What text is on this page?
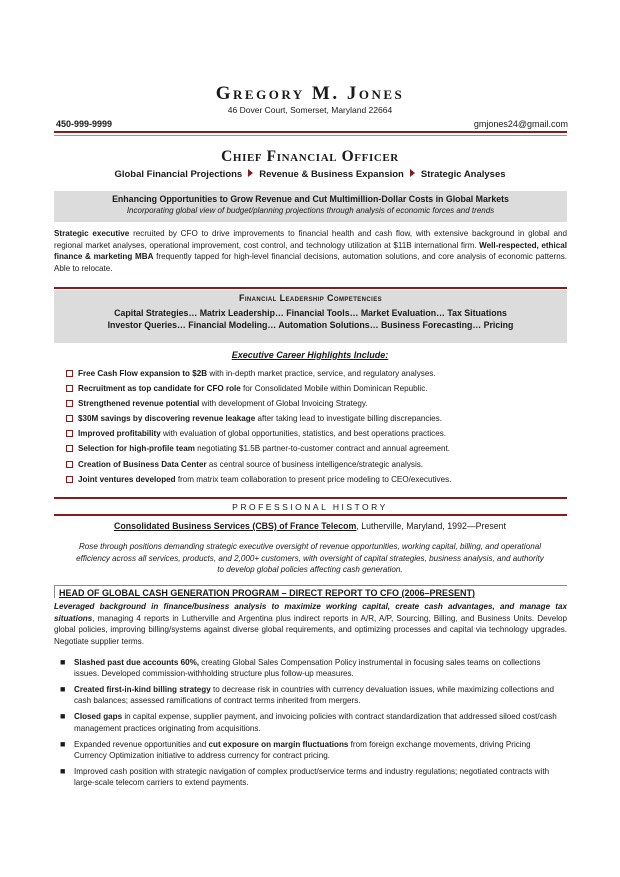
Gregory M. Jones
46 Dover Court, Somerset, Maryland 22664
450-999-9999	gmjones24@gmail.com
Chief Financial Officer
Global Financial Projections Revenue & Business Expansion Strategic Analyses
Enhancing Opportunities to Grow Revenue and Cut Multimillion-Dollar Costs in Global Markets
Incorporating global view of budget/planning projections through analysis of economic forces and trends
Strategic executive recruited by CFO to drive improvements to financial health and cash flow, with extensive background in global and regional market analyses, operational improvement, cost control, and technology utilization at $11B international firm. Well-respected, ethical finance & marketing MBA frequently tapped for high-level financial decisions, automation solutions, and core analysis of economic patterns. Able to relocate.
Financial Leadership Competencies
Capital Strategies… Matrix Leadership… Financial Tools… Market Evaluation… Tax Situations
Investor Queries… Financial Modeling… Automation Solutions… Business Forecasting… Pricing
Executive Career Highlights Include:
Free Cash Flow expansion to $2B with in-depth market practice, service, and regulatory analyses.
Recruitment as top candidate for CFO role for Consolidated Mobile within Dominican Republic.
Strengthened revenue potential with development of Global Invoicing Strategy.
$30M savings by discovering revenue leakage after taking lead to investigate billing discrepancies.
Improved profitability with evaluation of global opportunities, statistics, and best operations practices.
Selection for high-profile team negotiating $1.5B partner-to-customer contract and annual agreement.
Creation of Business Data Center as central source of business intelligence/strategic analysis.
Joint ventures developed from matrix team collaboration to present price modeling to CEO/executives.
PROFESSIONAL HISTORY
Consolidated Business Services (CBS) of France Telecom, Lutherville, Maryland, 1992—Present
Rose through positions demanding strategic executive oversight of revenue opportunities, working capital, billing, and operational efficiency across all services, products, and 2,000+ customers, with oversight of capital strategies, business analysis, and authority to develop global policies affecting cash generation.
HEAD OF GLOBAL CASH GENERATION PROGRAM – DIRECT REPORT TO CFO (2006–PRESENT)
Leveraged background in finance/business analysis to maximize working capital, create cash advantages, and manage tax situations, managing 4 reports in Lutherville and Argentina plus indirect reports in A/R, A/P, Sourcing, Billing, and Business Units. Develop global policies, improving billing/systems against diverse global requirements, and optimizing processes and capital via technology upgrades. Negotiate supplier terms.
■ Slashed past due accounts 60%, creating Global Sales Compensation Policy instrumental in focusing sales teams on collections issues. Developed commission-withholding structure plus follow-up measures.
■ Created first-in-kind billing strategy to decrease risk in countries with currency devaluation issues, while maximizing collections and cash balances; assessed ramifications of contract terms inherited from mergers.
■ Closed gaps in capital expense, supplier payment, and invoicing policies with contract standardization that addressed siloed cost/cash management practices originating from acquisitions.
■ Expanded revenue opportunities and cut exposure on margin fluctuations from foreign exchange movements, driving Pricing Currency Optimization initiative to address currency for contract pricing.
■ Improved cash position with strategic navigation of complex product/service terms and industry regulations; negotiated contracts with large-scale telecom carriers to extend payments.
